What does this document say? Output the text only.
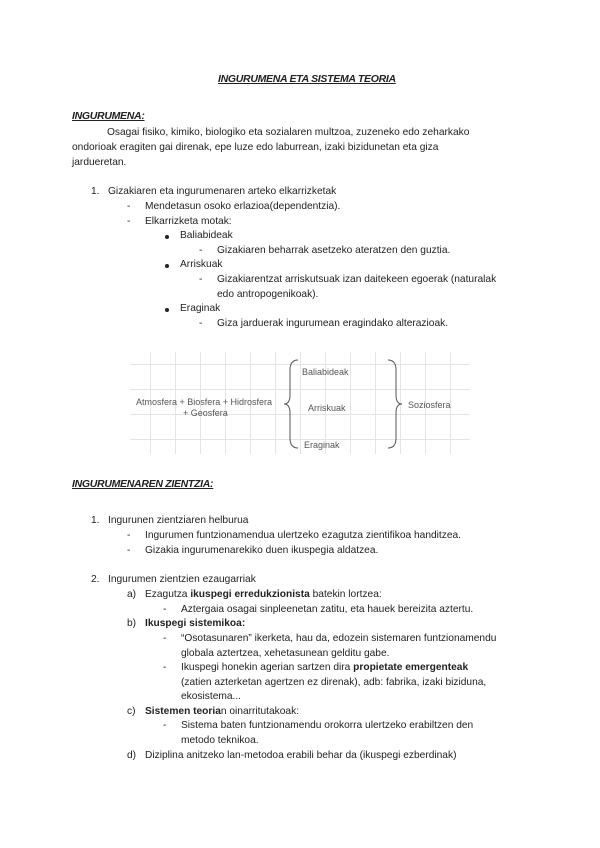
INGURUMENA ETA SISTEMA TEORIA
INGURUMENA:
Osagai fisiko, kimiko, biologiko eta sozialaren multzoa, zuzeneko edo zeharkako
ondorioak eragiten gai direnak, epe luze edo laburrean, izaki bizidunetan eta giza
jardueretan.
1. Gizakiaren eta ingurumenaren arteko elkarrizketak
- Mendetasun osoko erlazioa(dependentzia).
- Elkarrizketa motak:
Baliabideak
- Gizakiaren beharrak asetzeko ateratzen den guztia.
Arriskuak
- Gizakiarentzat arriskutsuak izan daitekeen egoerak (naturalak
edo antropogenikoak).
Eraginak
- Giza jarduerak ingurumean eragindako alterazioak.
Atmosfera + Biosfera + Hidrosfera
+ Geosfera
Baliabideak
Arriskuak
Eraginak
Soziosfera
INGURUMENAREN ZIENTZIA:
1. Ingurunen zientziaren helburua
- Ingurumen funtzionamendua ulertzeko ezagutza zientifikoa handitzea.
- Gizakia ingurumenarekiko duen ikuspegia aldatzea.
2. Ingurumen zientzien ezaugarriak
a) Ezagutza ikuspegi erredukzionista batekin lortzea:
- Aztergaia osagai sinpleenetan zatitu, eta hauek bereizita aztertu.
b) Ikuspegi sistemikoa:
- “Osotasunaren” ikerketa, hau da, edozein sistemaren funtzionamendu
globala aztertzea, xehetasunean gelditu gabe.
- Ikuspegi honekin agerian sartzen dira propietate emergenteak
(zatien azterketan agertzen ez direnak), adb: fabrika, izaki biziduna,
ekosistema...
c) Sistemen teorian oinarritutakoak:
- Sistema baten funtzionamendu orokorra ulertzeko erabiltzen den
metodo teknikoa.
d) Diziplina anitzeko lan-metodoa erabili behar da (ikuspegi ezberdinak)
